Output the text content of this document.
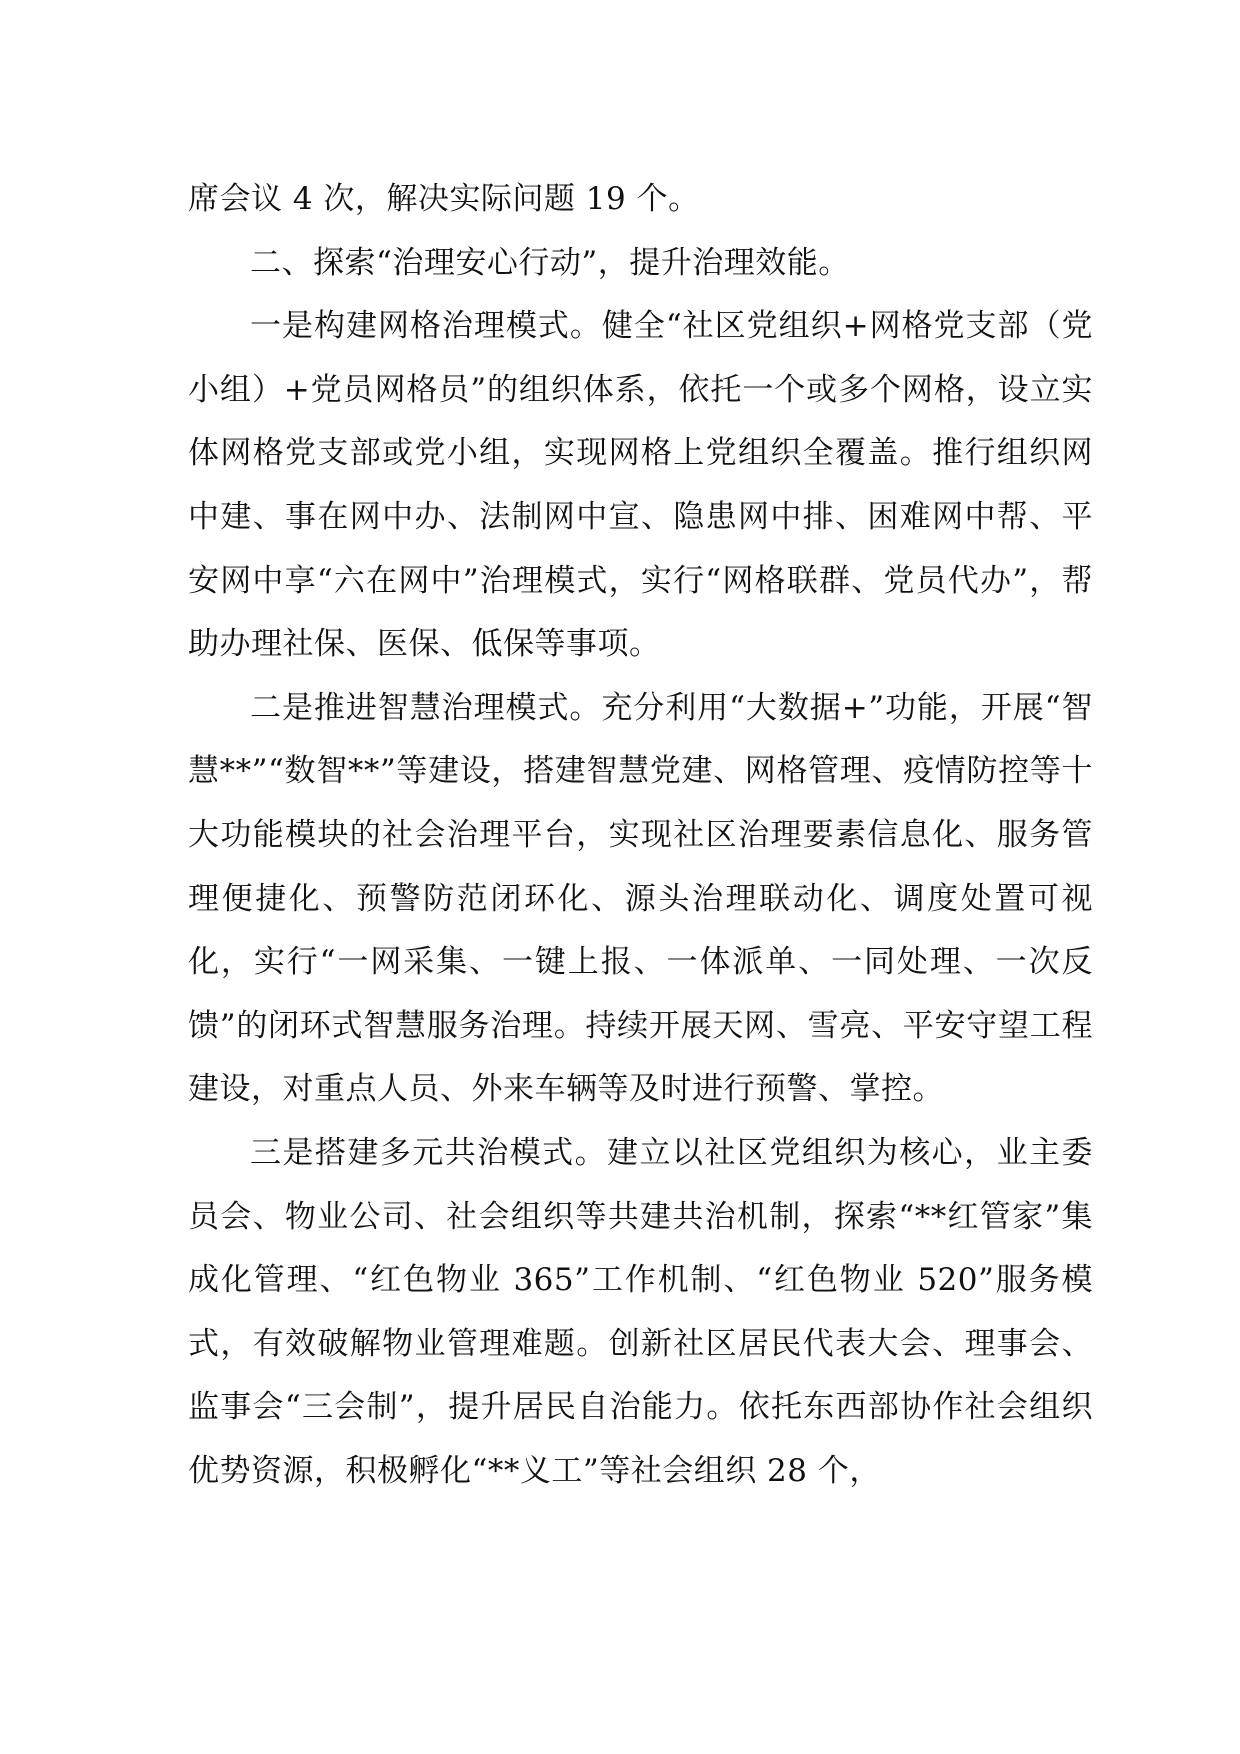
席会议 4 次，解决实际问题 19 个。

二、探索“治理安心行动”，提升治理效能。

一是构建网格治理模式。健全“社区党组织+网格党支部（党小组）+党员网格员”的组织体系，依托一个或多个网格，设立实体网格党支部或党小组，实现网格上党组织全覆盖。推行组织网中建、事在网中办、法制网中宣、隐患网中排、困难网中帮、平安网中享“六在网中”治理模式，实行“网格联群、党员代办”，帮助办理社保、医保、低保等事项。

二是推进智慧治理模式。充分利用“大数据+”功能，开展“智慧**”“数智**”等建设，搭建智慧党建、网格管理、疫情防控等十大功能模块的社会治理平台，实现社区治理要素信息化、服务管理便捷化、预警防范闭环化、源头治理联动化、调度处置可视化，实行“一网采集、一键上报、一体派单、一同处理、一次反馈”的闭环式智慧服务治理。持续开展天网、雪亮、平安守望工程建设，对重点人员、外来车辆等及时进行预警、掌控。

三是搭建多元共治模式。建立以社区党组织为核心，业主委员会、物业公司、社会组织等共建共治机制，探索“**红管家”集成化管理、“红色物业 365”工作机制、“红色物业 520”服务模式，有效破解物业管理难题。创新社区居民代表大会、理事会、监事会“三会制”，提升居民自治能力。依托东西部协作社会组织优势资源，积极孵化“**义工”等社会组织 28 个，
